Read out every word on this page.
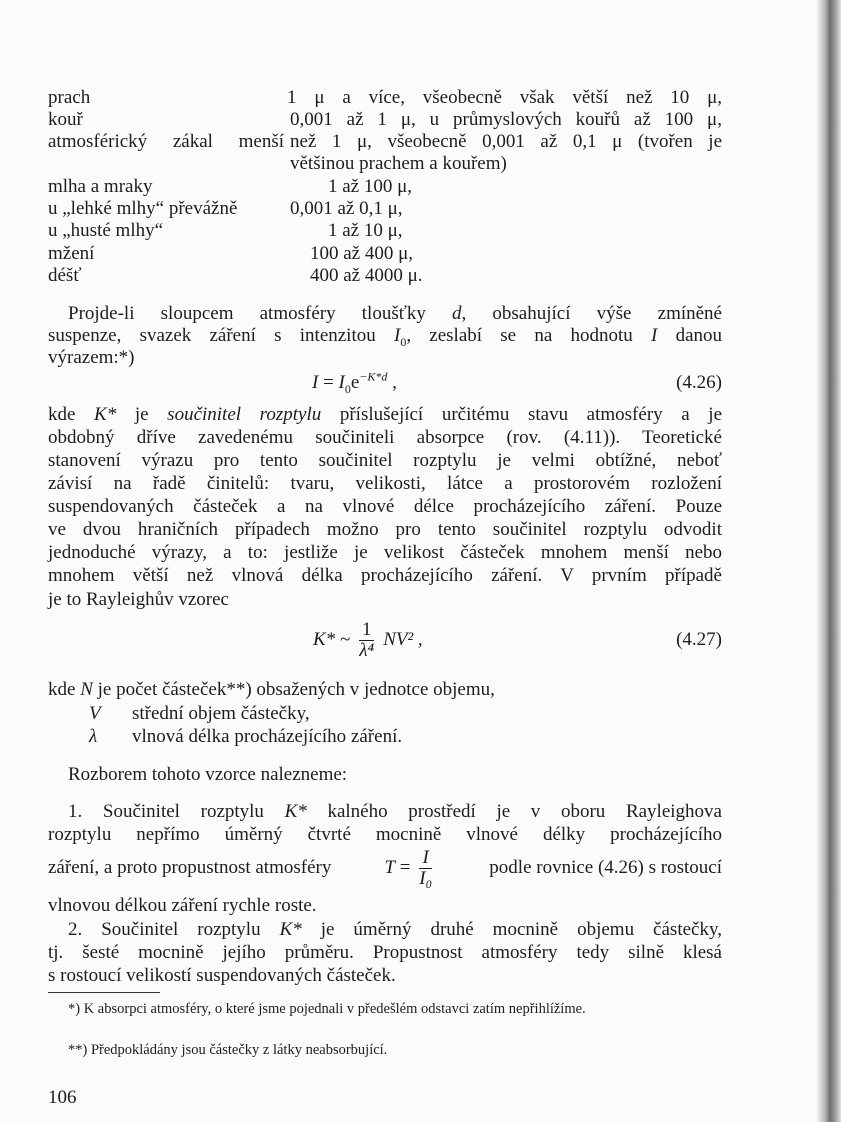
prach	1 μ a více, všeobecně však větší než 10 μ,
kouř	0,001 až 1 μ, u průmyslových kouřů až 100 μ,
atmosférický zákal menší než 1 μ, všeobecně 0,001 až 0,1 μ (tvořen je
většinou prachem a kouřem)
mlha a mraky	1 až 100 μ,
u „lehké mlhy“ převážně	0,001 až 0,1 μ,
u „husté mlhy“	1 až 10 μ,
mžení	100 až 400 μ,
déšť	400 až 4000 μ.
Projde-li sloupcem atmosféry tloušťky d, obsahující výše zmíněné
suspenze, svazek záření s intenzitou $I_0$, zeslabí se na hodnotu I danou
výrazem:*)
$I = I_0e^{-K*d}$ ,	(4.26)
kde K* je součinitel rozptylu příslušející určitému stavu atmosféry a je
obdobný dříve zavedenému součiniteli absorpce (rov. (4.11)). Teoretické
stanovení výrazu pro tento součinitel rozptylu je velmi obtížné, neboť
závisí na řadě činitelů: tvaru, velikosti, látce a prostorovém rozložení
suspendovaných částeček a na vlnové délce procházejícího záření. Pouze
ve dvou hraničních případech možno pro tento součinitel rozptylu odvodit
jednoduché výrazy, a to: jestliže je velikost částeček mnohem menší nebo
mnohem větší než vlnová délka procházejícího záření. V prvním případě
je to Rayleighův vzorec
K* ~ $\frac{1}{\text{λ⁴}} NV^2$ ,	(4.27)
kde N je počet částeček**) obsažených v jednotce objemu,
V střední objem částečky,
λ vlnová délka procházejícího záření.
Rozborem tohoto vzorce nalezneme:
1. Součinitel rozptylu K* kalného prostředí je v oboru Rayleighova
rozptylu nepřímo úměrný čtvrté mocnině vlnové délky procházejícího
záření, a proto propustnost atmosféry	$T = \frac{I}{\text{I₀}}$	podle rovnice (4.26) s rostoucí
vlnovou délkou záření rychle roste.
2. Součinitel rozptylu K* je úměrný druhé mocnině objemu částečky,
tj. šesté mocnině jejího průměru. Propustnost atmosféry tedy silně klesá
s rostoucí velikostí suspendovaných částeček.
*) K absorpci atmosféry, o které jsme pojednali v předešlém odstavci zatím nepřihlížíme.
**) Předpokládány jsou částečky z látky neabsorbující.
106
